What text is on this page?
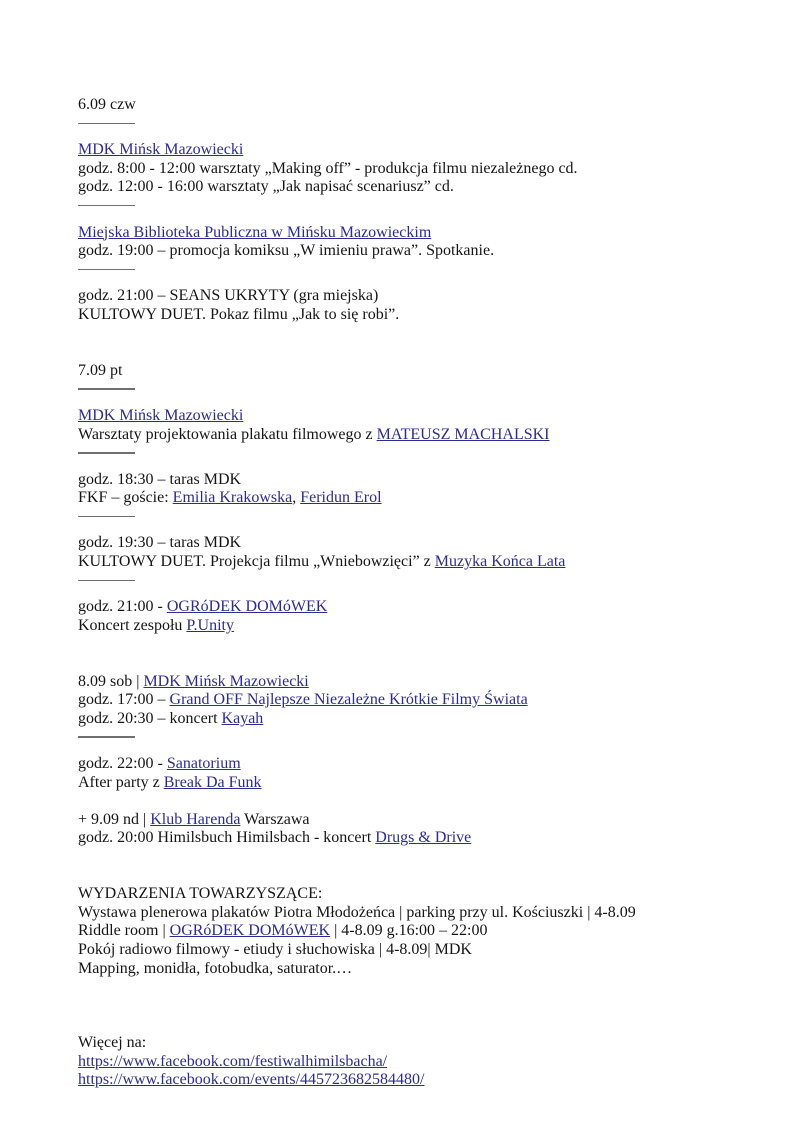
6.09 czw
MDK Mińsk Mazowiecki
godz. 8:00 - 12:00 warsztaty „Making off” - produkcja filmu niezależnego cd.
godz. 12:00 - 16:00 warsztaty „Jak napisać scenariusz” cd.
Miejska Biblioteka Publiczna w Mińsku Mazowieckim
godz. 19:00 – promocja komiksu „W imieniu prawa”. Spotkanie.
godz. 21:00 – SEANS UKRYTY (gra miejska)
KULTOWY DUET. Pokaz filmu „Jak to się robi”.
7.09 pt
MDK Mińsk Mazowiecki
Warsztaty projektowania plakatu filmowego z MATEUSZ MACHALSKI
godz. 18:30 – taras MDK
FKF – goście: Emilia Krakowska, Feridun Erol
godz. 19:30 – taras MDK
KULTOWY DUET. Projekcja filmu „Wniebowzięci” z Muzyka Końca Lata
godz. 21:00 - OGRóDEK DOMóWEK
Koncert zespołu P.Unity
8.09 sob | MDK Mińsk Mazowiecki
godz. 17:00 – Grand OFF Najlepsze Niezależne Krótkie Filmy Świata
godz. 20:30 – koncert Kayah
godz. 22:00 - Sanatorium
After party z Break Da Funk
+ 9.09 nd | Klub Harenda Warszawa
godz. 20:00 Himilsbuch Himilsbach - koncert Drugs & Drive
WYDARZENIA TOWARZYSZĄCE:
Wystawa plenerowa plakatów Piotra Młodożeńca | parking przy ul. Kościuszki | 4-8.09
Riddle room | OGRóDEK DOMóWEK | 4-8.09 g.16:00 – 22:00
Pokój radiowo filmowy - etiudy i słuchowiska | 4-8.09| MDK
Mapping, monidła, fotobudka, saturator.…
Więcej na:
https://www.facebook.com/festiwalhimilsbacha/
https://www.facebook.com/events/445723682584480/
